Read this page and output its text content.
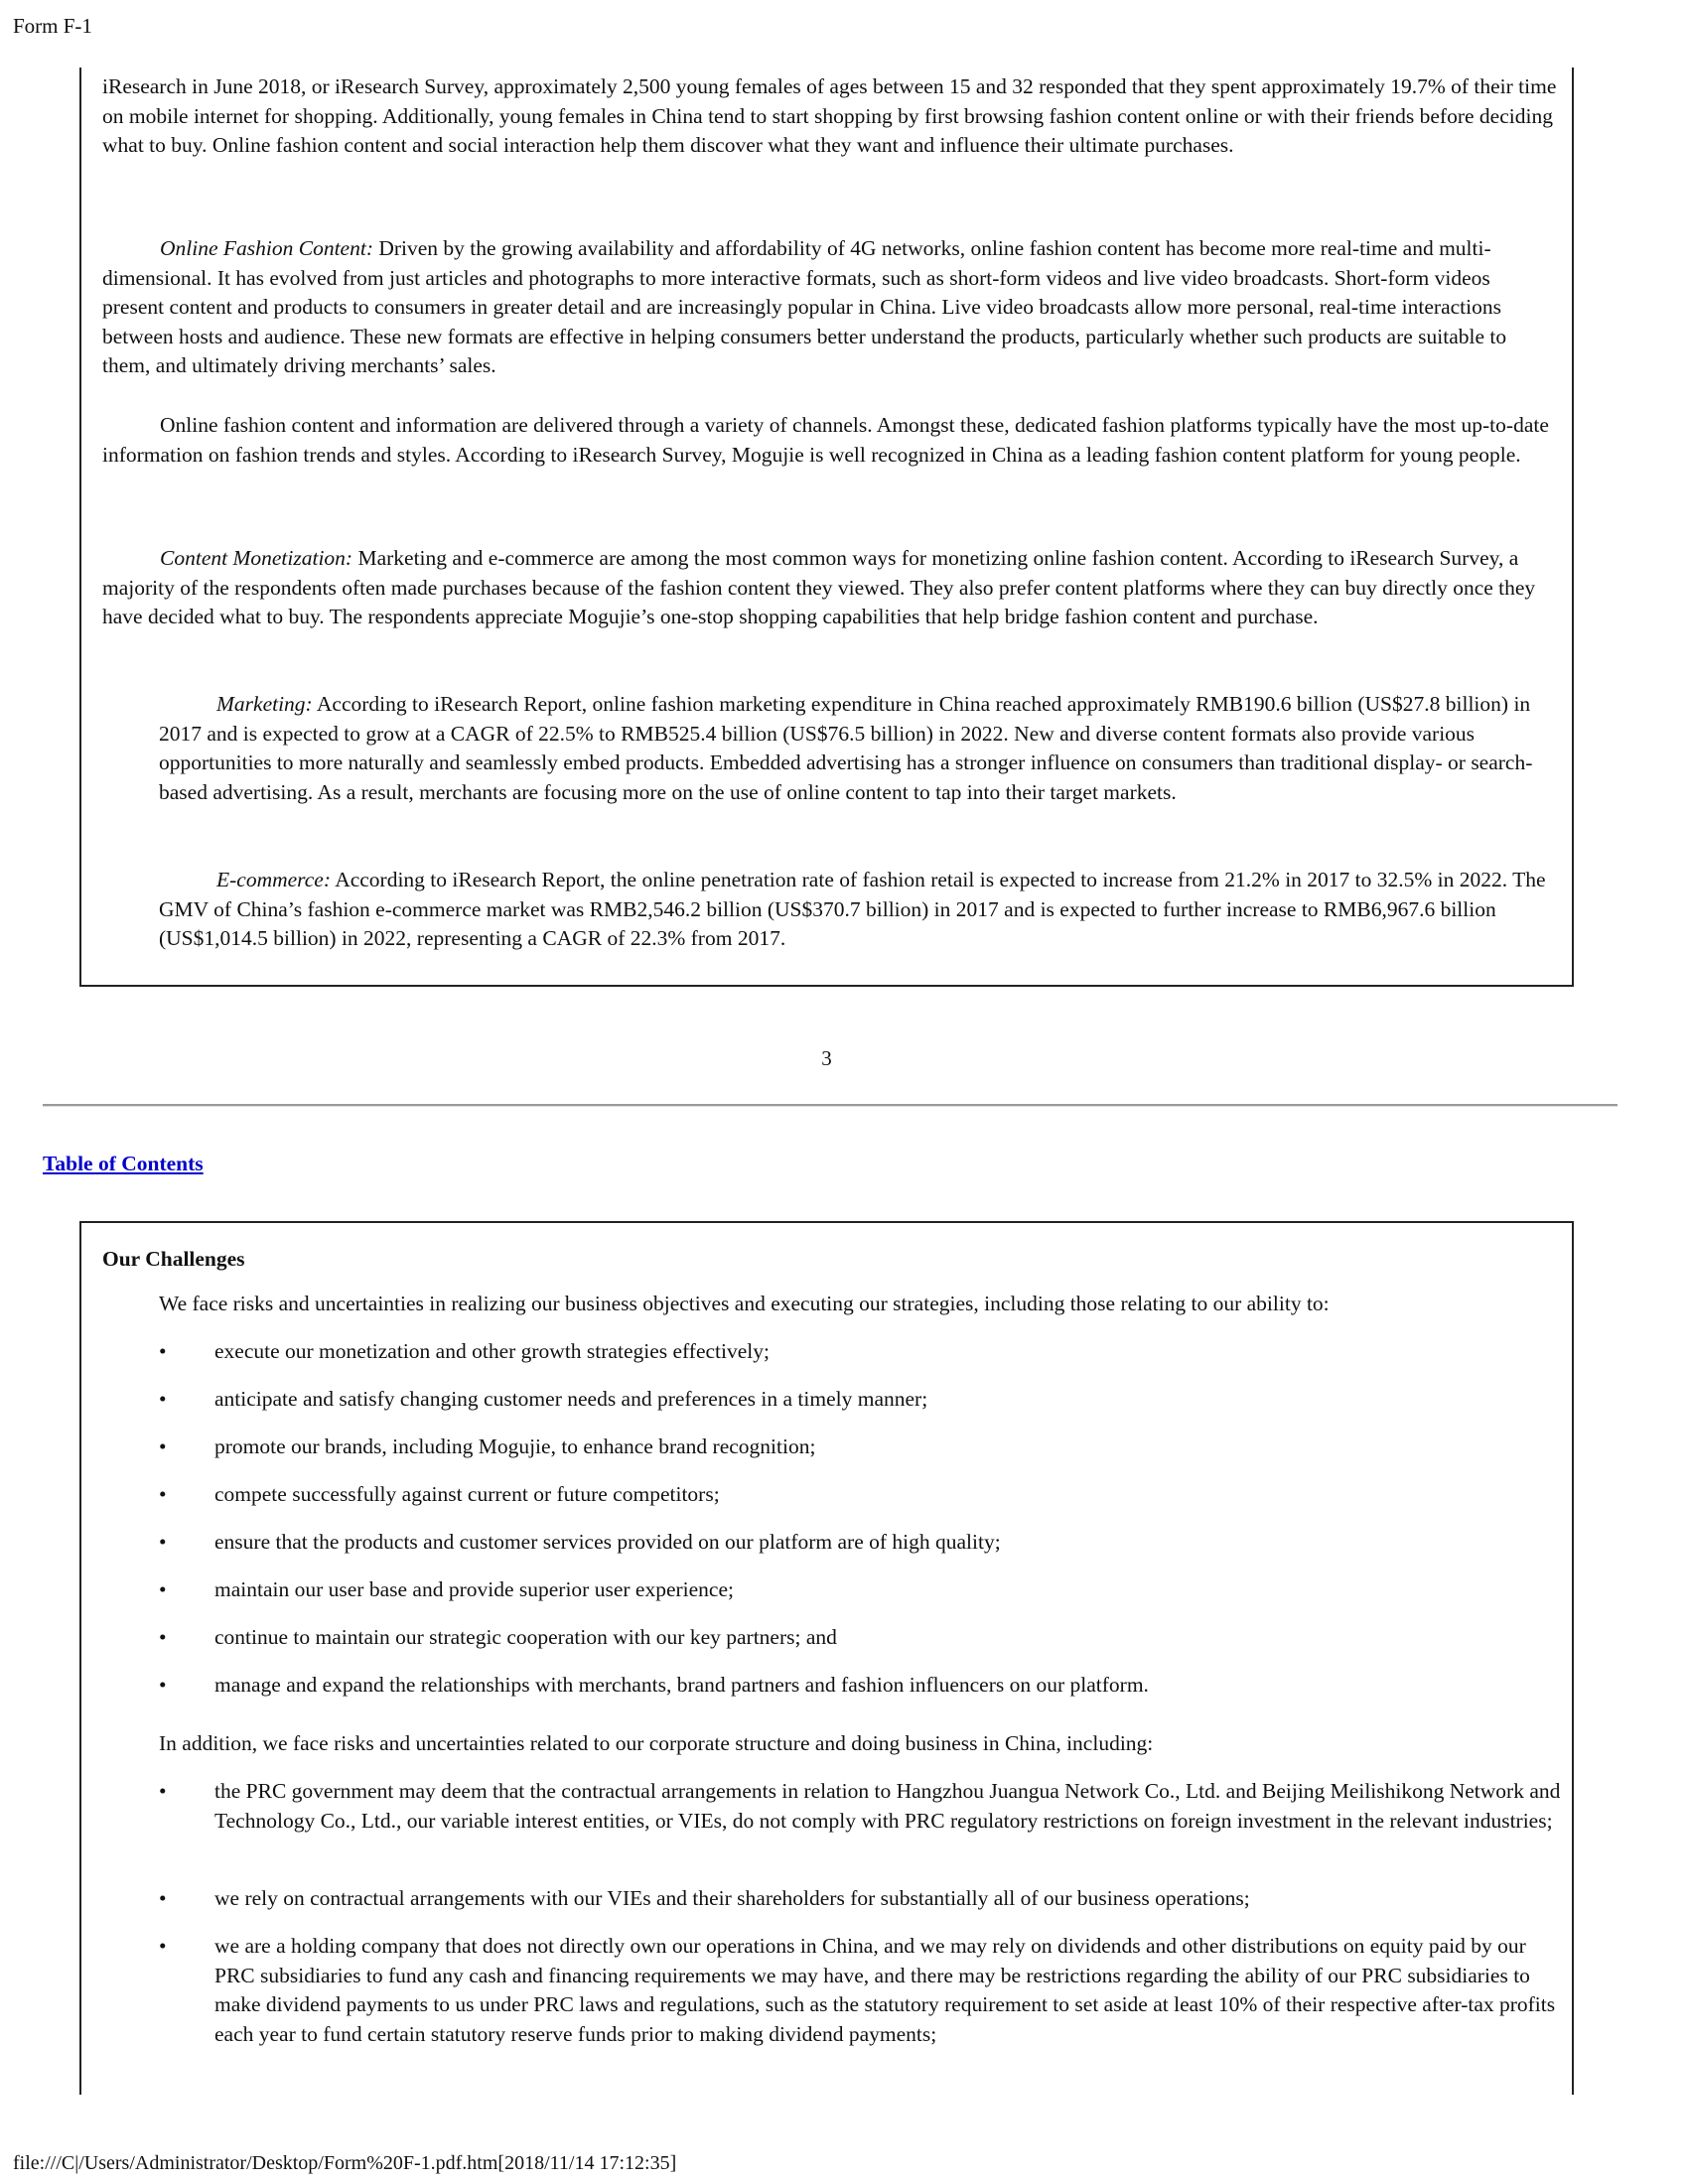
Form F-1

iResearch in June 2018, or iResearch Survey, approximately 2,500 young females of ages between 15 and 32 responded that they spent approximately 19.7% of their time on mobile internet for shopping. Additionally, young females in China tend to start shopping by first browsing fashion content online or with their friends before deciding what to buy. Online fashion content and social interaction help them discover what they want and influence their ultimate purchases.

Online Fashion Content: Driven by the growing availability and affordability of 4G networks, online fashion content has become more real-time and multi-dimensional. It has evolved from just articles and photographs to more interactive formats, such as short-form videos and live video broadcasts. Short-form videos present content and products to consumers in greater detail and are increasingly popular in China. Live video broadcasts allow more personal, real-time interactions between hosts and audience. These new formats are effective in helping consumers better understand the products, particularly whether such products are suitable to them, and ultimately driving merchants’ sales.

Online fashion content and information are delivered through a variety of channels. Amongst these, dedicated fashion platforms typically have the most up-to-date information on fashion trends and styles. According to iResearch Survey, Mogujie is well recognized in China as a leading fashion content platform for young people.

Content Monetization: Marketing and e-commerce are among the most common ways for monetizing online fashion content. According to iResearch Survey, a majority of the respondents often made purchases because of the fashion content they viewed. They also prefer content platforms where they can buy directly once they have decided what to buy. The respondents appreciate Mogujie’s one-stop shopping capabilities that help bridge fashion content and purchase.

Marketing: According to iResearch Report, online fashion marketing expenditure in China reached approximately RMB190.6 billion (US$27.8 billion) in 2017 and is expected to grow at a CAGR of 22.5% to RMB525.4 billion (US$76.5 billion) in 2022. New and diverse content formats also provide various opportunities to more naturally and seamlessly embed products. Embedded advertising has a stronger influence on consumers than traditional display- or search-based advertising. As a result, merchants are focusing more on the use of online content to tap into their target markets.

E-commerce: According to iResearch Report, the online penetration rate of fashion retail is expected to increase from 21.2% in 2017 to 32.5% in 2022. The GMV of China’s fashion e-commerce market was RMB2,546.2 billion (US$370.7 billion) in 2017 and is expected to further increase to RMB6,967.6 billion (US$1,014.5 billion) in 2022, representing a CAGR of 22.3% from 2017.

3
Table of Contents
Our Challenges

We face risks and uncertainties in realizing our business objectives and executing our strategies, including those relating to our ability to:

• execute our monetization and other growth strategies effectively;
• anticipate and satisfy changing customer needs and preferences in a timely manner;
• promote our brands, including Mogujie, to enhance brand recognition;
• compete successfully against current or future competitors;
• ensure that the products and customer services provided on our platform are of high quality;
• maintain our user base and provide superior user experience;
• continue to maintain our strategic cooperation with our key partners; and
• manage and expand the relationships with merchants, brand partners and fashion influencers on our platform.

In addition, we face risks and uncertainties related to our corporate structure and doing business in China, including:

• the PRC government may deem that the contractual arrangements in relation to Hangzhou Juangua Network Co., Ltd. and Beijing Meilishikong Network and Technology Co., Ltd., our variable interest entities, or VIEs, do not comply with PRC regulatory restrictions on foreign investment in the relevant industries;
• we rely on contractual arrangements with our VIEs and their shareholders for substantially all of our business operations;
• we are a holding company that does not directly own our operations in China, and we may rely on dividends and other distributions on equity paid by our PRC subsidiaries to fund any cash and financing requirements we may have, and there may be restrictions regarding the ability of our PRC subsidiaries to make dividend payments to us under PRC laws and regulations, such as the statutory requirement to set aside at least 10% of their respective after-tax profits each year to fund certain statutory reserve funds prior to making dividend payments;
file:///C|/Users/Administrator/Desktop/Form%20F-1.pdf.htm[2018/11/14 17:12:35]
